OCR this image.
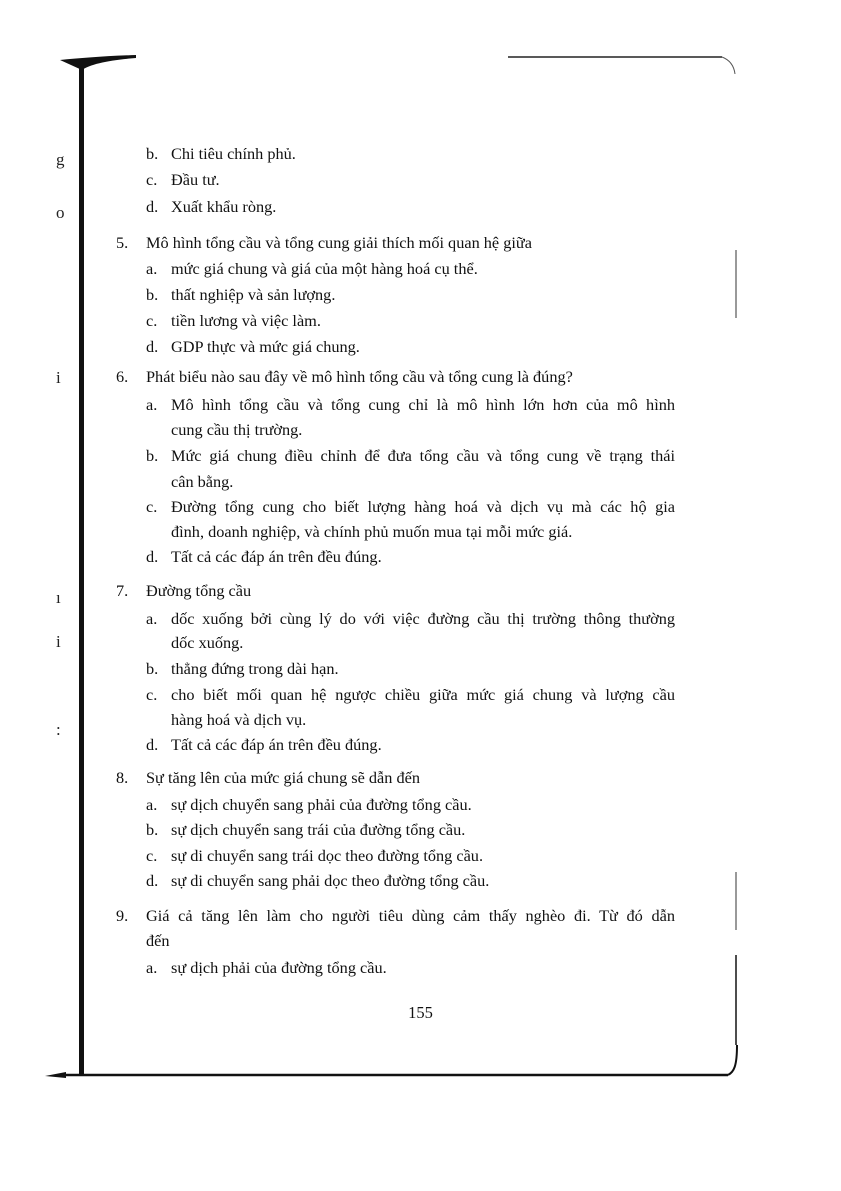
g
o
i
ı
i
:
b. Chi tiêu chính phủ.
c. Đầu tư.
d. Xuất khẩu ròng.
5. Mô hình tổng cầu và tổng cung giải thích mối quan hệ giữa
a. mức giá chung và giá của một hàng hoá cụ thể.
b. thất nghiệp và sản lượng.
c. tiền lương và việc làm.
d. GDP thực và mức giá chung.
6. Phát biểu nào sau đây về mô hình tổng cầu và tổng cung là đúng?
a. Mô hình tổng cầu và tổng cung chỉ là mô hình lớn hơn của mô hình
cung cầu thị trường.
b. Mức giá chung điều chỉnh để đưa tổng cầu và tổng cung về trạng thái
cân bằng.
c. Đường tổng cung cho biết lượng hàng hoá và dịch vụ mà các hộ gia
đình, doanh nghiệp, và chính phủ muốn mua tại mỗi mức giá.
d. Tất cả các đáp án trên đều đúng.
7. Đường tổng cầu
a. dốc xuống bởi cùng lý do với việc đường cầu thị trường thông thường
dốc xuống.
b. thẳng đứng trong dài hạn.
c. cho biết mối quan hệ ngược chiều giữa mức giá chung và lượng cầu
hàng hoá và dịch vụ.
d. Tất cả các đáp án trên đều đúng.
8. Sự tăng lên của mức giá chung sẽ dẫn đến
a. sự dịch chuyển sang phải của đường tổng cầu.
b. sự dịch chuyển sang trái của đường tổng cầu.
c. sự di chuyển sang trái dọc theo đường tổng cầu.
d. sự di chuyển sang phải dọc theo đường tổng cầu.
9. Giá cả tăng lên làm cho người tiêu dùng cảm thấy nghèo đi. Từ đó dẫn
đến
a. sự dịch phải của đường tổng cầu.
155
